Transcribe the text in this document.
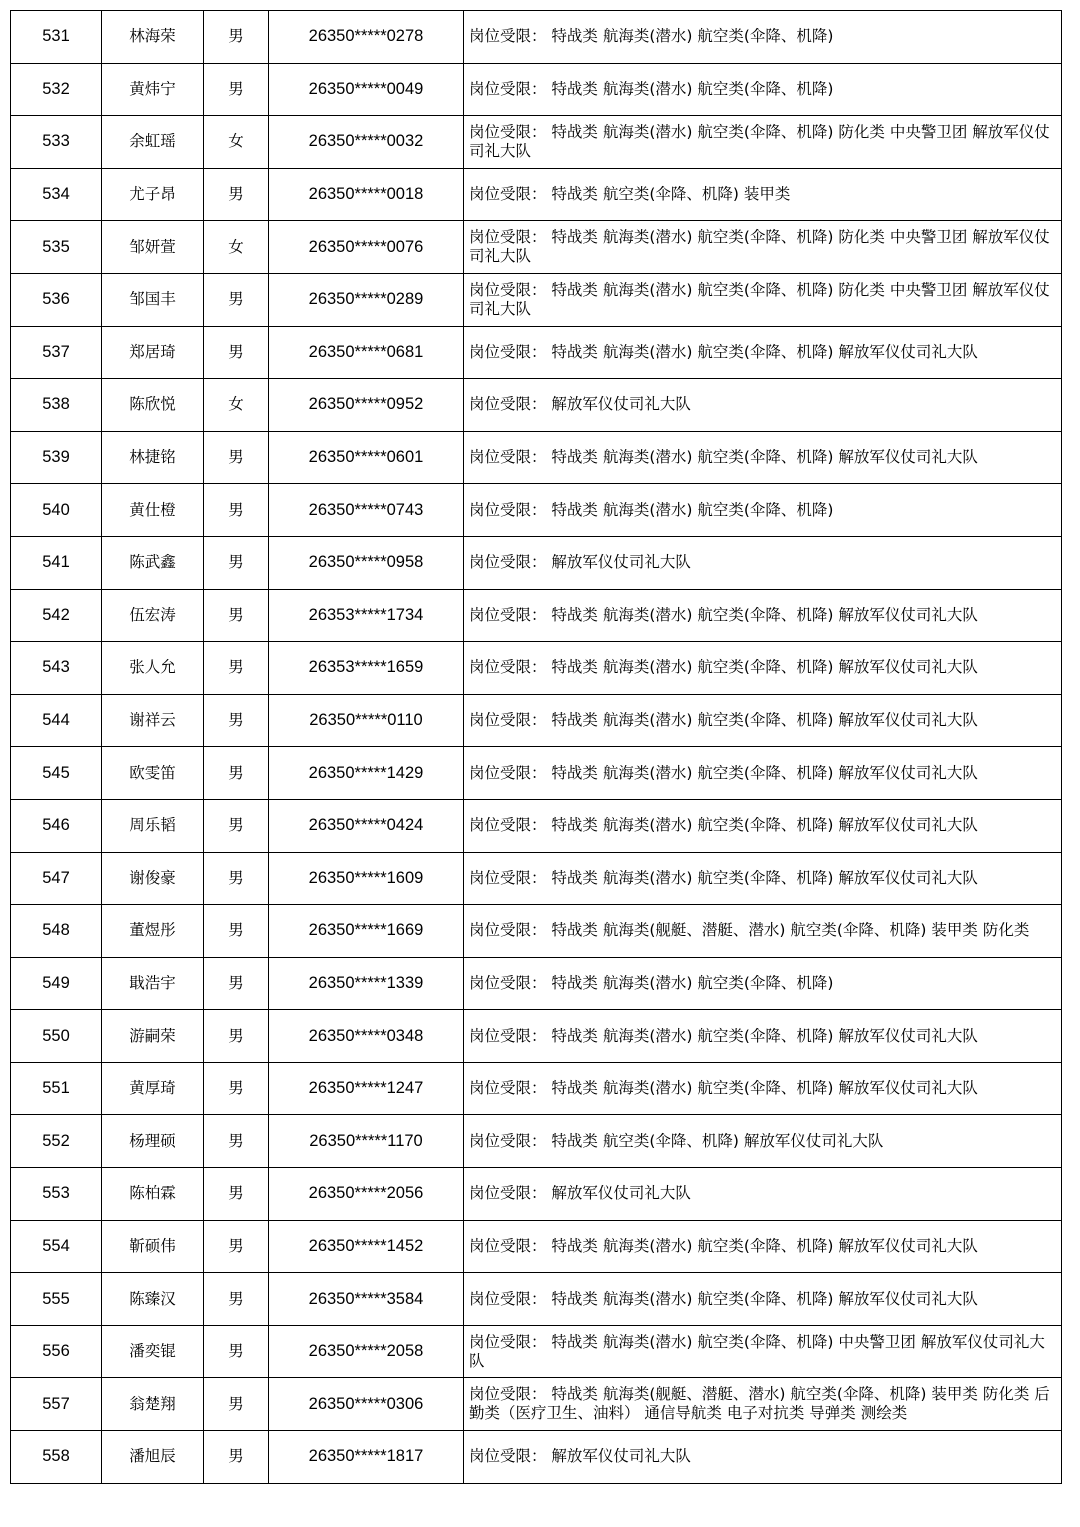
531	林海荣	男	26350*****0278	岗位受限： 特战类 航海类(潜水) 航空类(伞降、机降)
532	黄炜宁	男	26350*****0049	岗位受限： 特战类 航海类(潜水) 航空类(伞降、机降)
533	余虹瑶	女	26350*****0032	岗位受限： 特战类 航海类(潜水) 航空类(伞降、机降) 防化类 中央警卫团 解放军仪仗司礼大队
534	尤子昂	男	26350*****0018	岗位受限： 特战类 航空类(伞降、机降) 装甲类
535	邹妍萱	女	26350*****0076	岗位受限： 特战类 航海类(潜水) 航空类(伞降、机降) 防化类 中央警卫团 解放军仪仗司礼大队
536	邹国丰	男	26350*****0289	岗位受限： 特战类 航海类(潜水) 航空类(伞降、机降) 防化类 中央警卫团 解放军仪仗司礼大队
537	郑居琦	男	26350*****0681	岗位受限： 特战类 航海类(潜水) 航空类(伞降、机降) 解放军仪仗司礼大队
538	陈欣悦	女	26350*****0952	岗位受限： 解放军仪仗司礼大队
539	林捷铭	男	26350*****0601	岗位受限： 特战类 航海类(潜水) 航空类(伞降、机降) 解放军仪仗司礼大队
540	黄仕橙	男	26350*****0743	岗位受限： 特战类 航海类(潜水) 航空类(伞降、机降)
541	陈武鑫	男	26350*****0958	岗位受限： 解放军仪仗司礼大队
542	伍宏涛	男	26353*****1734	岗位受限： 特战类 航海类(潜水) 航空类(伞降、机降) 解放军仪仗司礼大队
543	张人允	男	26353*****1659	岗位受限： 特战类 航海类(潜水) 航空类(伞降、机降) 解放军仪仗司礼大队
544	谢祥云	男	26350*****0110	岗位受限： 特战类 航海类(潜水) 航空类(伞降、机降) 解放军仪仗司礼大队
545	欧雯笛	男	26350*****1429	岗位受限： 特战类 航海类(潜水) 航空类(伞降、机降) 解放军仪仗司礼大队
546	周乐韬	男	26350*****0424	岗位受限： 特战类 航海类(潜水) 航空类(伞降、机降) 解放军仪仗司礼大队
547	谢俊豪	男	26350*****1609	岗位受限： 特战类 航海类(潜水) 航空类(伞降、机降) 解放军仪仗司礼大队
548	董煜彤	男	26350*****1669	岗位受限： 特战类 航海类(舰艇、潜艇、潜水) 航空类(伞降、机降) 装甲类 防化类
549	戢浩宇	男	26350*****1339	岗位受限： 特战类 航海类(潜水) 航空类(伞降、机降)
550	游嗣荣	男	26350*****0348	岗位受限： 特战类 航海类(潜水) 航空类(伞降、机降) 解放军仪仗司礼大队
551	黄厚琦	男	26350*****1247	岗位受限： 特战类 航海类(潜水) 航空类(伞降、机降) 解放军仪仗司礼大队
552	杨理硕	男	26350*****1170	岗位受限： 特战类 航空类(伞降、机降) 解放军仪仗司礼大队
553	陈柏霖	男	26350*****2056	岗位受限： 解放军仪仗司礼大队
554	靳硕伟	男	26350*****1452	岗位受限： 特战类 航海类(潜水) 航空类(伞降、机降) 解放军仪仗司礼大队
555	陈臻汉	男	26350*****3584	岗位受限： 特战类 航海类(潜水) 航空类(伞降、机降) 解放军仪仗司礼大队
556	潘奕锟	男	26350*****2058	岗位受限： 特战类 航海类(潜水) 航空类(伞降、机降) 中央警卫团 解放军仪仗司礼大队
557	翁楚翔	男	26350*****0306	岗位受限： 特战类 航海类(舰艇、潜艇、潜水) 航空类(伞降、机降) 装甲类 防化类 后勤类（医疗卫生、油料） 通信导航类 电子对抗类 导弹类 测绘类
558	潘旭辰	男	26350*****1817	岗位受限： 解放军仪仗司礼大队
